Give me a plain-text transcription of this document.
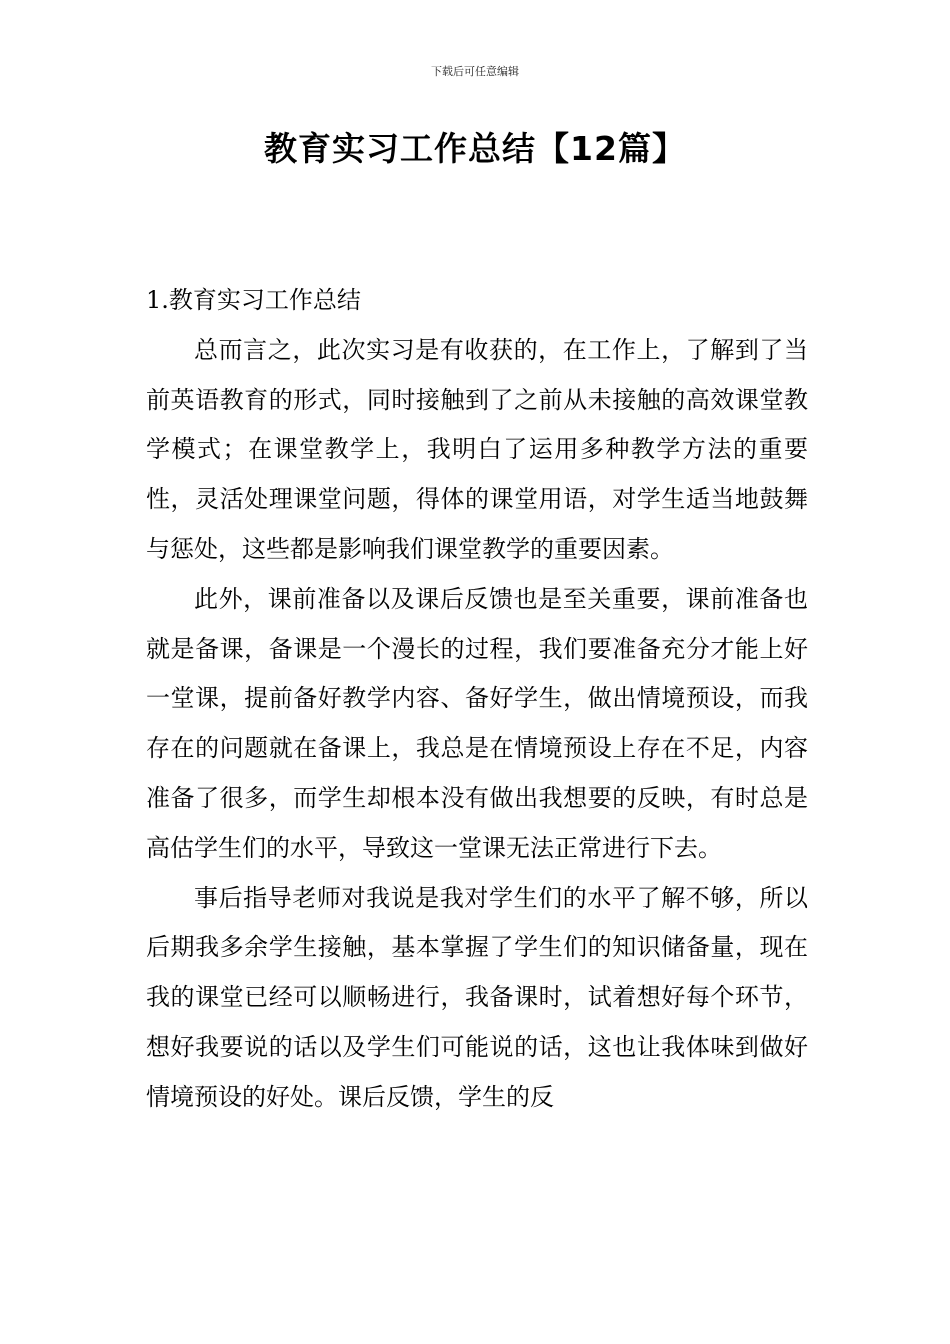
下载后可任意编辑
教育实习工作总结【12篇】
1.教育实习工作总结

总而言之，此次实习是有收获的，在工作上，了解到了当前英语教育的形式，同时接触到了之前从未接触的高效课堂教学模式；在课堂教学上，我明白了运用多种教学方法的重要性，灵活处理课堂问题，得体的课堂用语，对学生适当地鼓舞与惩处，这些都是影响我们课堂教学的重要因素。

此外，课前准备以及课后反馈也是至关重要，课前准备也就是备课，备课是一个漫长的过程，我们要准备充分才能上好一堂课，提前备好教学内容、备好学生，做出情境预设，而我存在的问题就在备课上，我总是在情境预设上存在不足，内容准备了很多，而学生却根本没有做出我想要的反映，有时总是高估学生们的水平，导致这一堂课无法正常进行下去。

事后指导老师对我说是我对学生们的水平了解不够，所以后期我多余学生接触，基本掌握了学生们的知识储备量，现在我的课堂已经可以顺畅进行，我备课时，试着想好每个环节，想好我要说的话以及学生们可能说的话，这也让我体味到做好情境预设的好处。课后反馈，学生的反
